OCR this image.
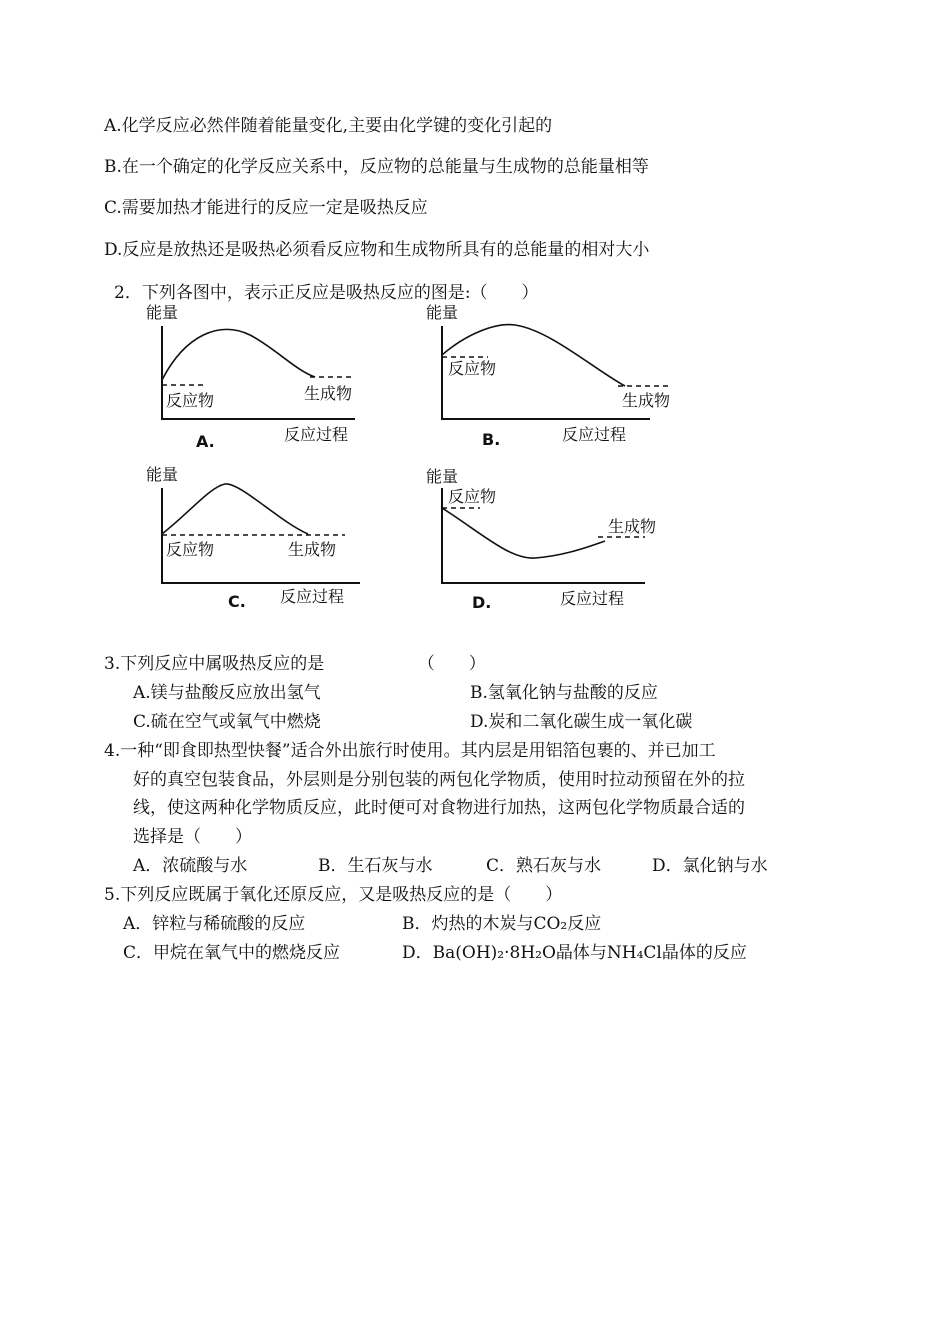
A.化学反应必然伴随着能量变化,主要由化学键的变化引起的
B.在一个确定的化学反应关系中，反应物的总能量与生成物的总能量相等
C.需要加热才能进行的反应一定是吸热反应
D.反应是放热还是吸热必须看反应物和生成物所具有的总能量的相对大小
2．下列各图中，表示正反应是吸热反应的图是:（　　）
能量
反应物	生成物
A.	反应过程
能量
反应物
生成物
B.	反应过程
能量
反应物	生成物
C. 反应过程
能量
反应物
生成物
D.	反应过程
3.下列反应中属吸热反应的是　　　　　　（　　）
A.镁与盐酸反应放出氢气	B.氢氧化钠与盐酸的反应
C.硫在空气或氧气中燃烧	D.炭和二氧化碳生成一氧化碳
4.一种“即食即热型快餐”适合外出旅行时使用。其内层是用铝箔包裹的、并已加工
好的真空包装食品，外层则是分别包装的两包化学物质，使用时拉动预留在外的拉
线，使这两种化学物质反应，此时便可对食物进行加热，这两包化学物质最合适的
选择是（　　）
A．浓硫酸与水	B．生石灰与水	C．熟石灰与水	D．氯化钠与水
5.下列反应既属于氧化还原反应，又是吸热反应的是（　　）
A．锌粒与稀硫酸的反应	B．灼热的木炭与CO₂反应
C．甲烷在氧气中的燃烧反应	D．Ba(OH)₂·8H₂O晶体与NH₄Cl晶体的反应
